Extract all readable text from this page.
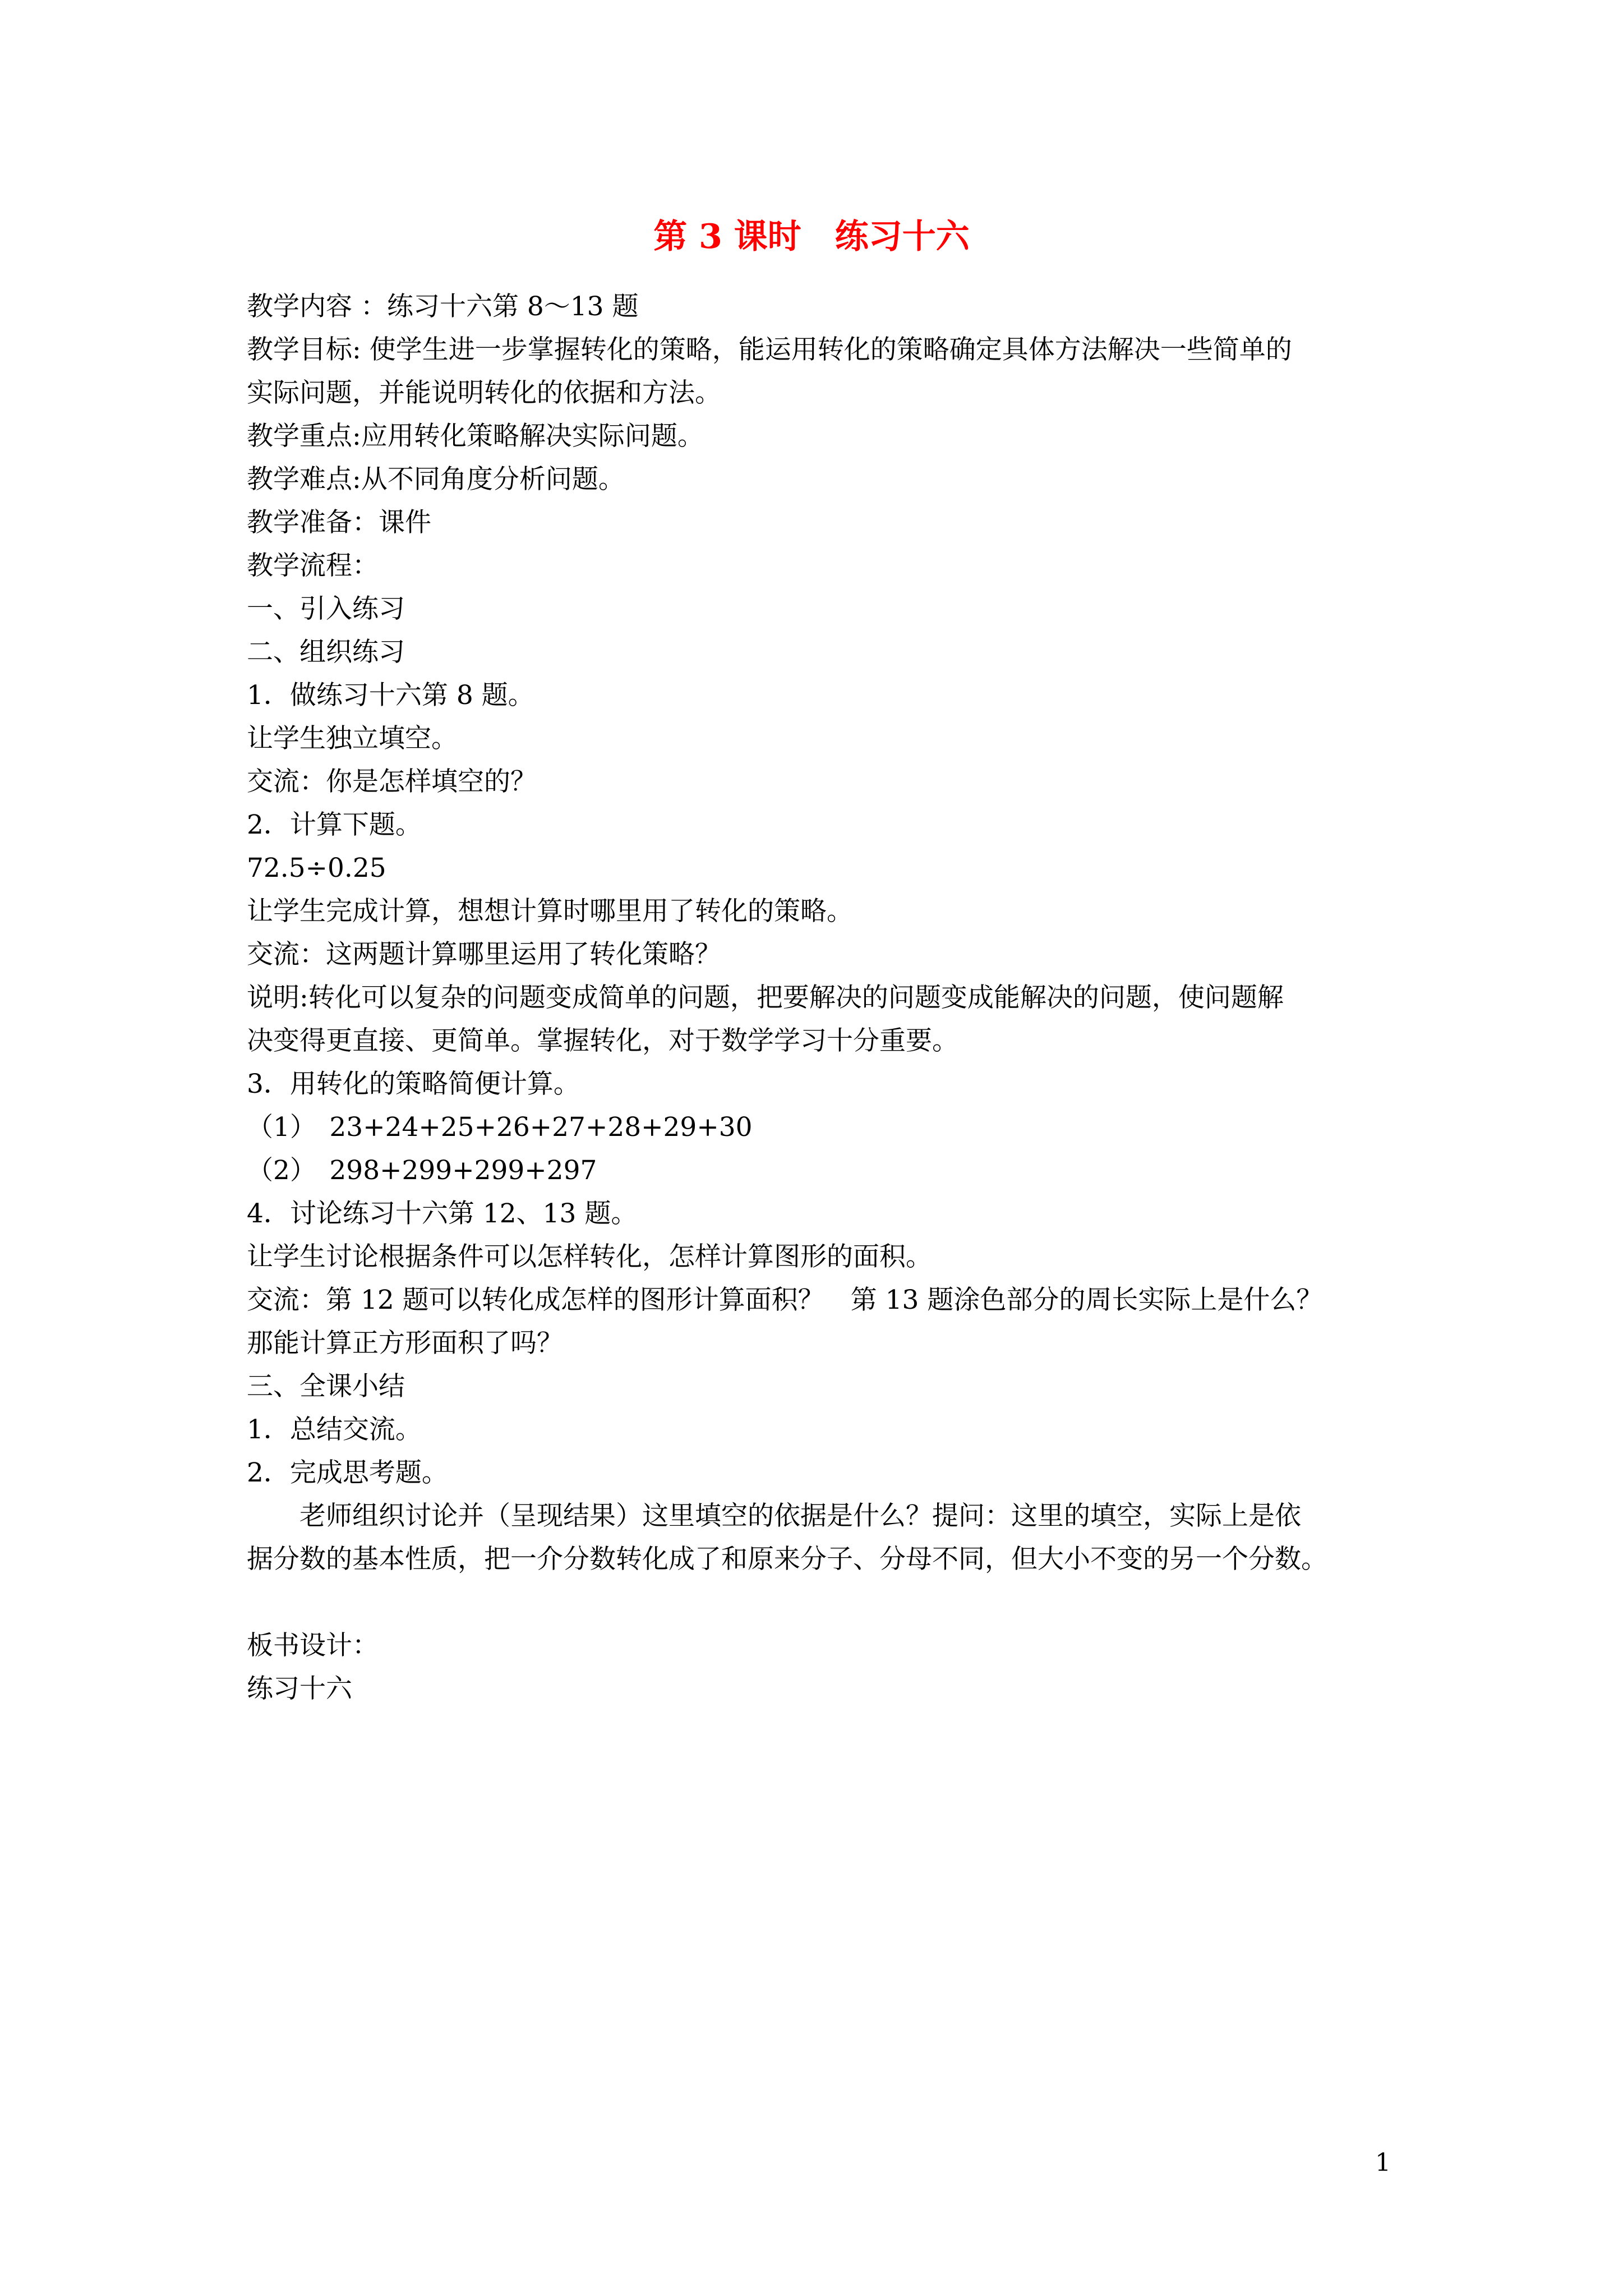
第 3 课时　练习十六
教学内容 ：练习十六第 8～13 题
教学目标: 使学生进一步掌握转化的策略，能运用转化的策略确定具体方法解决一些简单的
实际问题，并能说明转化的依据和方法。
教学重点:应用转化策略解决实际问题。
教学难点:从不同角度分析问题。
教学准备：课件
教学流程：
一、引入练习
二、组织练习
1．做练习十六第 8 题。
让学生独立填空。
交流：你是怎样填空的？
2．计算下题。
72.5÷0.25
让学生完成计算，想想计算时哪里用了转化的策略。
交流：这两题计算哪里运用了转化策略？
说明:转化可以复杂的问题变成简单的问题，把要解决的问题变成能解决的问题，使问题解
决变得更直接、更简单。掌握转化，对于数学学习十分重要。
3．用转化的策略简便计算。
（1）　23+24+25+26+27+28+29+30
（2）　298+299+299+297
4．讨论练习十六第 12、13 题。
让学生讨论根据条件可以怎样转化，怎样计算图形的面积。
交流：第 12 题可以转化成怎样的图形计算面积？　第 13 题涂色部分的周长实际上是什么？
那能计算正方形面积了吗？
三、全课小结
1．总结交流。
2．完成思考题。
老师组织讨论并（呈现结果）这里填空的依据是什么？提问：这里的填空，实际上是依
据分数的基本性质，把一介分数转化成了和原来分子、分母不同，但大小不变的另一个分数。
板书设计：
练习十六
1
